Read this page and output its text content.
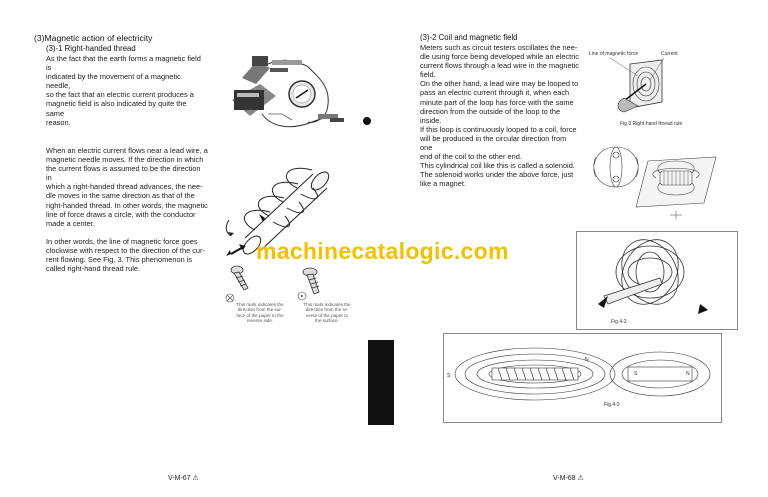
(3)Magnetic action of electricity
(3)-1 Right-handed thread
As the fact that the earth forms a magnetic field is
indicated by the movement of a magnetic needle,
so the fact that an electric current produces a
magnetic field is also indicated by quite the same
reason.
When an electric current flows near a lead wire, a
magnetic needle moves. If the direction in which
the current flows is assumed to be the direction in
which a right-handed thread advances, the nee-
dle moves in the same direction as that of the
right-handed thread. In other words, the magnetic
line of force draws a circle, with the conductor
made a center.
In other words, the line of magnetic force goes
clockwise with respect to the direction of the cur-
rent flowing. See Fig. 3. This phenomenon is
called right-hand thread rule.
This mark indicates the
direction from the sur-
face of the paper to the
reverse side.
This mark indicates the
direction from the re-
verse of the paper to
the surface.
machinecatalogic.com
V-M-67 ⚠
(3)-2 Coil and magnetic field
Meters such as circuit testers oscillates the nee-
dle using force being developed while an electric
current flows through a lead wire in the magnetic
field.
On the other hand, a lead wire may be looped to
pass an electric current through it, when each
minute part of the loop has force with the same
direction from the outside of the loop to the inside.
If this loop is continuously looped to a coil, force
will be produced in the circular direction from one
end of the coil to the other end.
This cylindrical coil like this is called a solenoid.
The solenoid works under the above force, just
like a magnet.
Line of magnetic force	Current
Fig.3 Right-hand thread rule
Fig.4-2
N
S	S	N
Fig.4-3
V-M-68 ⚠
